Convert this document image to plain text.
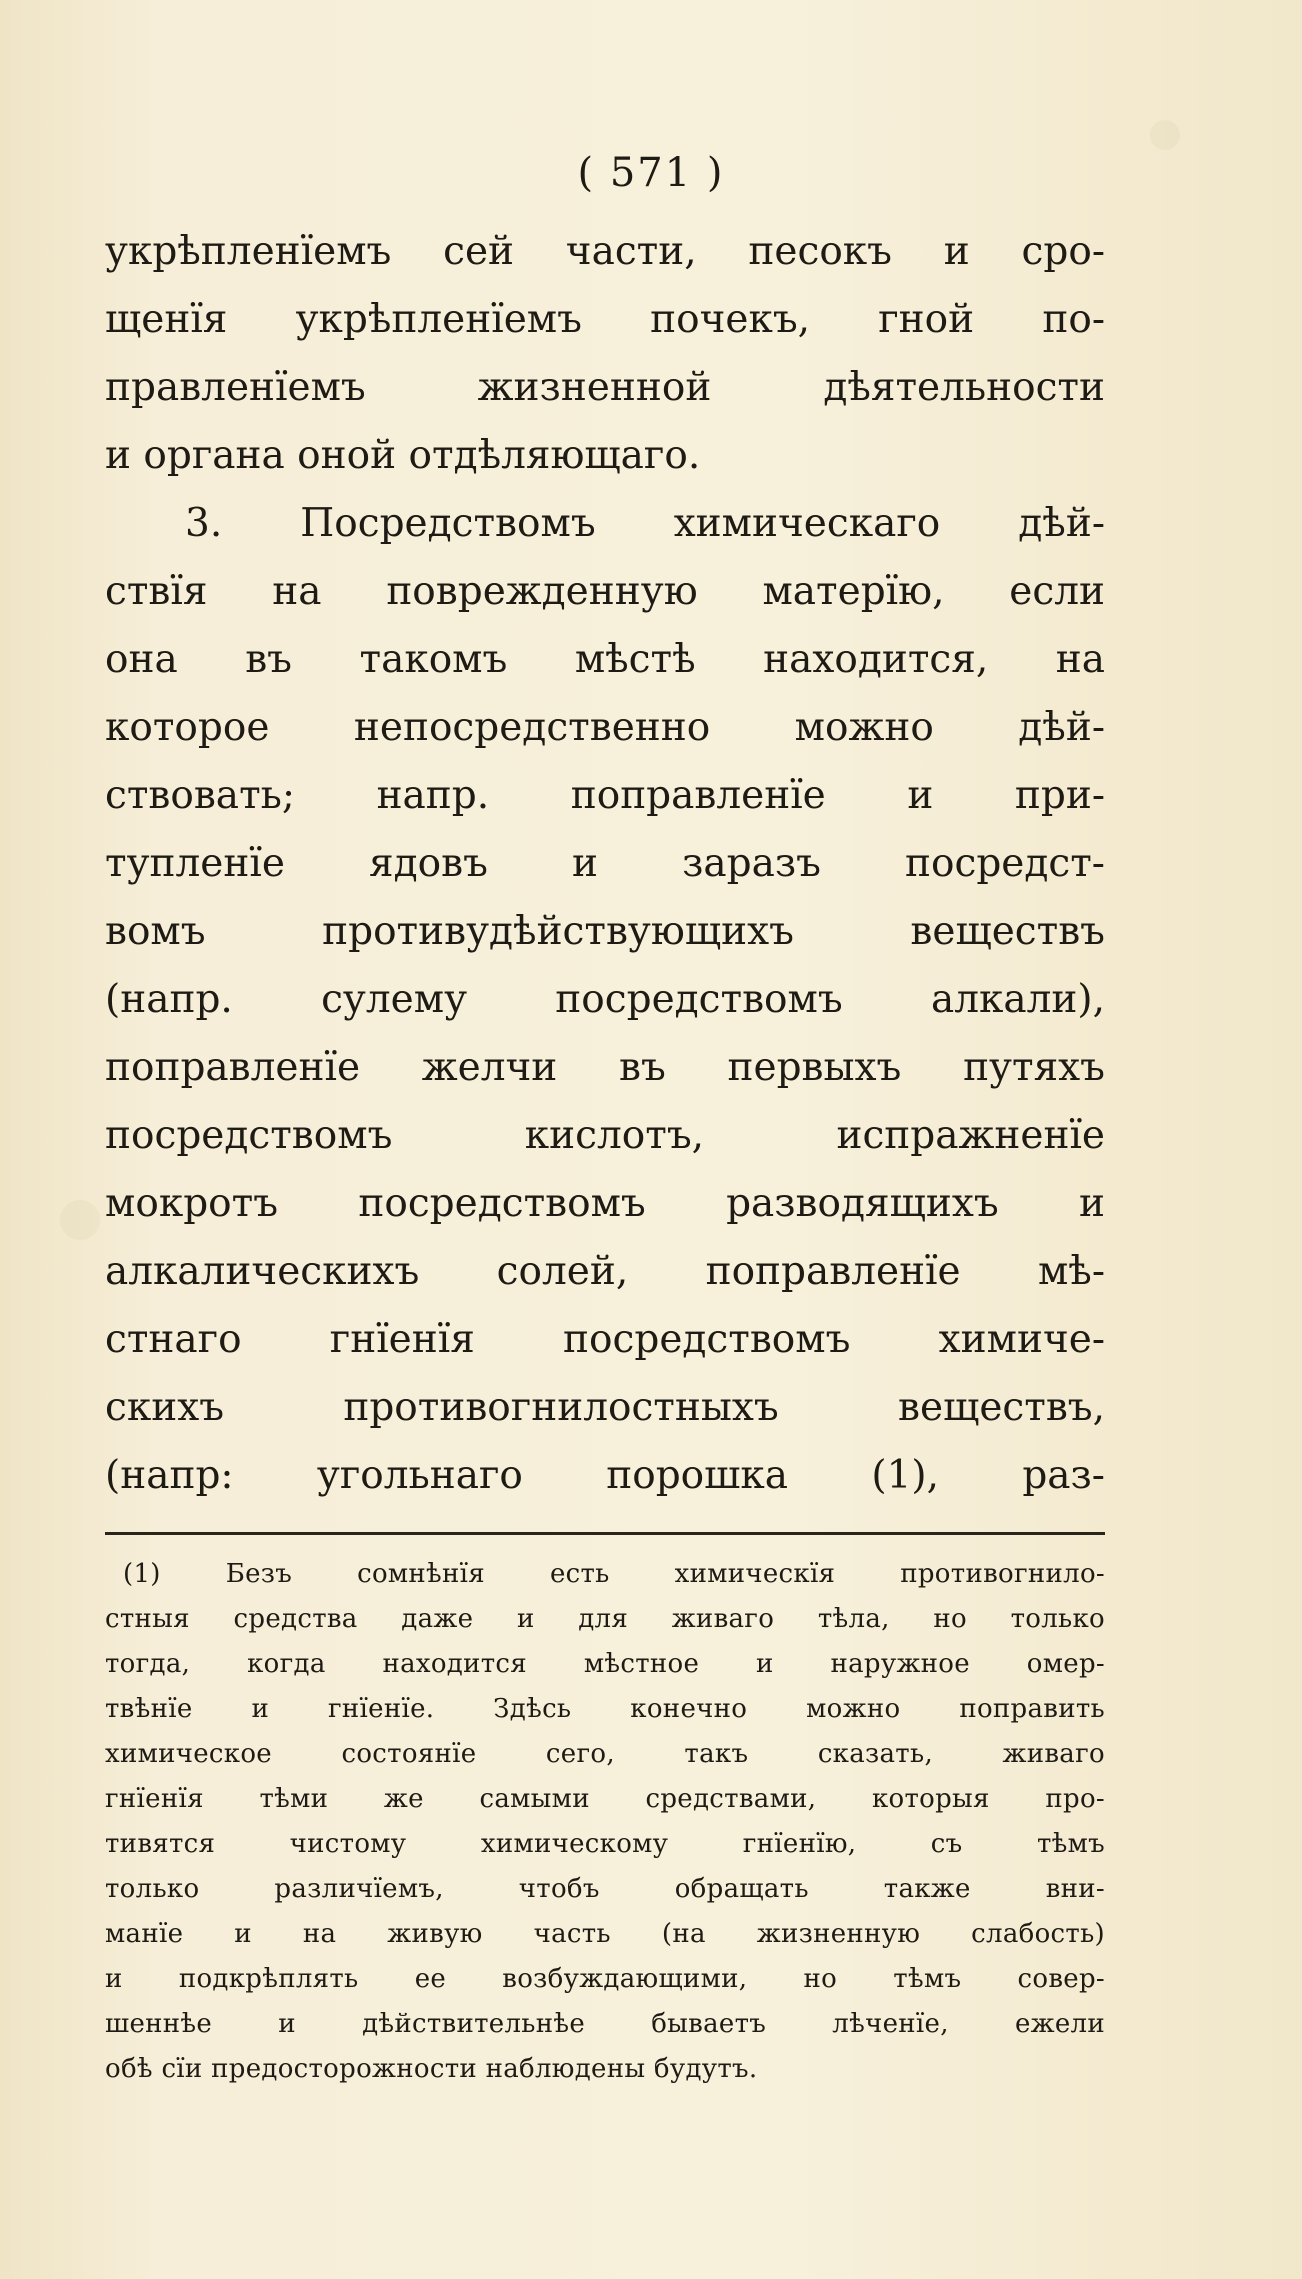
( 571 )
укрѣпленїемъ сей части, песокъ и сро-
щенїя укрѣпленїемъ почекъ, гной по-
правленїемъ жизненной дѣятельности
и органа оной отдѣляющаго.
3. Посредствомъ химическаго дѣй-
ствїя на поврежденную матерїю, если
она въ такомъ мѣстѣ находится, на
которое непосредственно можно дѣй-
ствовать; напр. поправленїе и при-
тупленїе ядовъ и заразъ посредст-
вомъ противудѣйствующихъ веществъ
(напр. сулему посредствомъ алкали),
поправленїе желчи въ первыхъ путяхъ
посредствомъ кислотъ, испражненїе
мокротъ посредствомъ разводящихъ и
алкалическихъ солей, поправленїе мѣ-
стнаго гнїенїя посредствомъ химиче-
скихъ противогнилостныхъ веществъ,
(напр: угольнаго порошка (1), раз-
(1) Безъ сомнѣнїя есть химическїя противогнило-
стныя средства даже и для живаго тѣла, но только
тогда, когда находится мѣстное и наружное омер-
твѣнїе и гнїенїе. Здѣсь конечно можно поправить
химическое состоянїе сего, такъ сказать, живаго
гнїенїя тѣми же самыми средствами, которыя про-
тивятся чистому химическому гнїенїю, съ тѣмъ
только различїемъ, чтобъ обращать также вни-
манїе и на живую часть (на жизненную слабость)
и подкрѣплять ее возбуждающими, но тѣмъ совер-
шеннѣе и дѣйствительнѣе бываетъ лѣченїе, ежели
обѣ сїи предосторожности наблюдены будутъ.
